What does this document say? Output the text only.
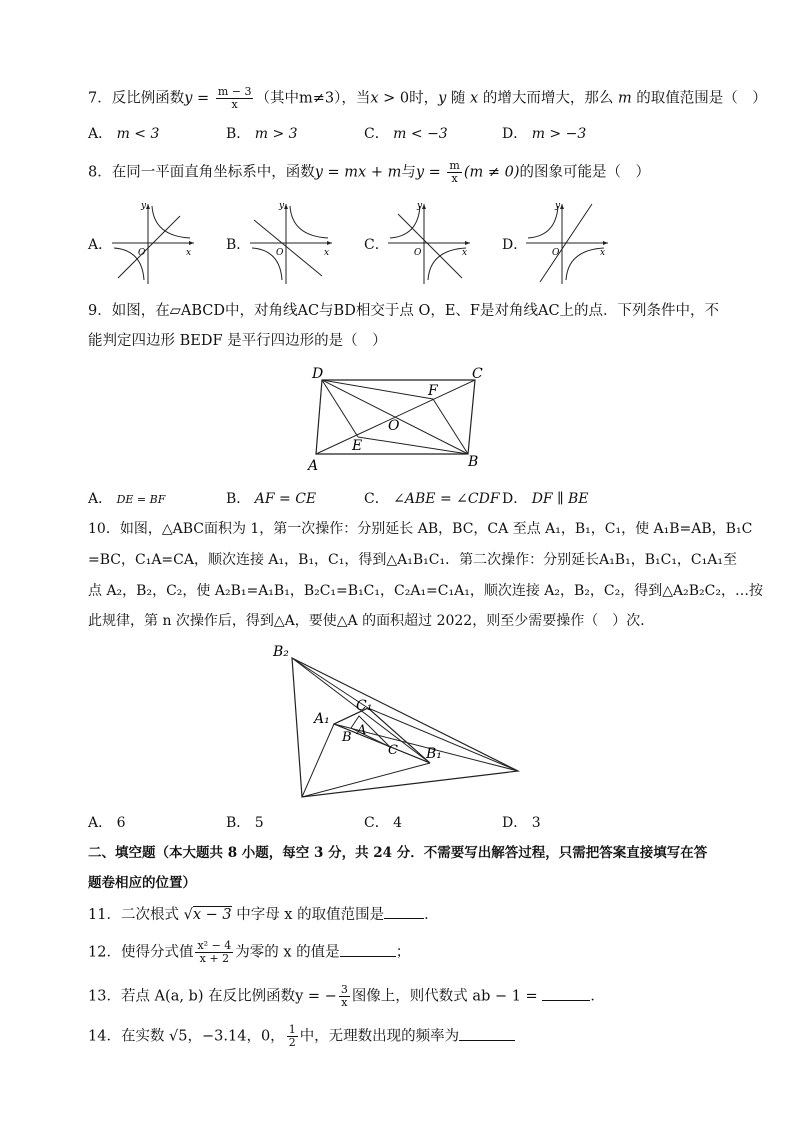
7．反比例函数$y = \frac{m - 3}{x}$ （其中m≠3），当x > 0时，y 随 x 的增大而增大，那么 m 的取值范围是（　）
A． m < 3	B． m > 3	C． m < −3	D． m > −3
8．在同一平面直角坐标系中，函数y = mx + m与$y = \frac{m}{x} (m \ne 0)$的图象可能是（　）
A．	x
y
O	B．	x
y
O	C．	x
y
O	D．	x
y
O
9．如图，在▱ABCD中，对角线AC与BD相交于点 O，E、F是对角线AC上的点．下列条件中，不
能判定四边形 BEDF 是平行四边形的是（　）
D	C
A	B
E
F
O
A． DE = BF	B． AF = CE	C． ∠ABE = ∠CDF D． DF ∥ BE
10．如图，△ABC面积为 1，第一次操作：分别延长 AB，BC，CA 至点 A₁，B₁，C₁，使 A₁B=AB，B₁C
=BC，C₁A=CA，顺次连接 A₁，B₁，C₁，得到△A₁B₁C₁．第二次操作：分别延长A₁B₁，B₁C₁，C₁A₁至
点 A₂，B₂，C₂，使 A₂B₁=A₁B₁，B₂C₁=B₁C₁，C₂A₁=C₁A₁，顺次连接 A₂，B₂，C₂，得到△A₂B₂C₂，…按
此规律，第 n 次操作后，得到△A，要使△A 的面积超过 2022，则至少需要操作（　）次．
B₂
C₁
A₁
B A
C B₁
A． 6	B． 5	C． 4	D． 3
二、填空题（本大题共 8 小题，每空 3 分，共 24 分．不需要写出解答过程，只需把答案直接填写在答
题卷相应的位置）
11．二次根式 √x − 3 中字母 x 的取值范围是	．
12．使得分式值 $\frac{\text{x² − 4}}{x + 2}$ 为零的 x 的值是	；
13．若点 A(a, b) 在反比例函数y = − $\frac{3}{x}$ 图像上，则代数式 ab − 1 =	．
14．在实数 √5，−3.14，0， $\frac{1}{2}$ 中，无理数出现的频率为
